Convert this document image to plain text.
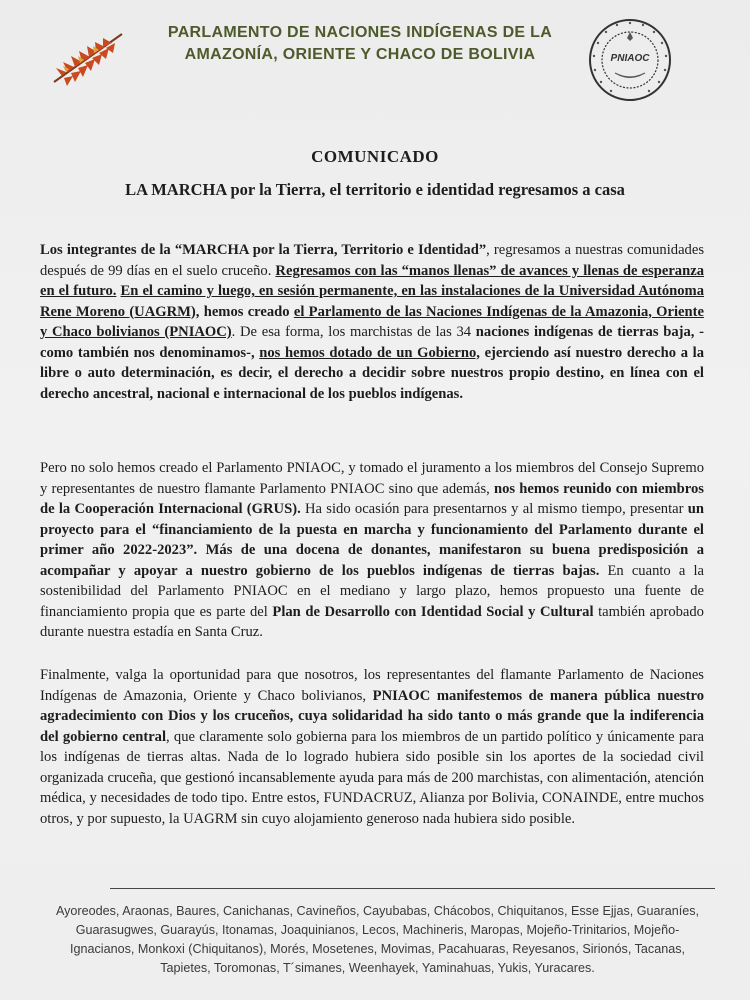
PARLAMENTO DE NACIONES INDÍGENAS DE LA
AMAZONÍA, ORIENTE Y CHACO DE BOLIVIA	PNIAOC
COMUNICADO
LA MARCHA por la Tierra, el territorio e identidad regresamos a casa
Los integrantes de la “MARCHA por la Tierra, Territorio e Identidad”, regresamos a nuestras comunidades después de 99 días en el suelo cruceño. Regresamos con las “manos llenas” de avances y llenas de esperanza en el futuro. En el camino y luego, en sesión permanente, en las instalaciones de la Universidad Autónoma Rene Moreno (UAGRM), hemos creado el Parlamento de las Naciones Indígenas de la Amazonia, Oriente y Chaco bolivianos (PNIAOC). De esa forma, los marchistas de las 34 naciones indígenas de tierras baja, -como también nos denominamos-, nos hemos dotado de un Gobierno, ejerciendo así nuestro derecho a la libre o auto determinación, es decir, el derecho a decidir sobre nuestros propio destino, en línea con el derecho ancestral, nacional e internacional de los pueblos indígenas.
Pero no solo hemos creado el Parlamento PNIAOC, y tomado el juramento a los miembros del Consejo Supremo y representantes de nuestro flamante Parlamento PNIAOC sino que además, nos hemos reunido con miembros de la Cooperación Internacional (GRUS). Ha sido ocasión para presentarnos y al mismo tiempo, presentar un proyecto para el “financiamiento de la puesta en marcha y funcionamiento del Parlamento durante el primer año 2022-2023”. Más de una docena de donantes, manifestaron su buena predisposición a acompañar y apoyar a nuestro gobierno de los pueblos indígenas de tierras bajas. En cuanto a la sostenibilidad del Parlamento PNIAOC en el mediano y largo plazo, hemos propuesto una fuente de financiamiento propia que es parte del Plan de Desarrollo con Identidad Social y Cultural también aprobado durante nuestra estadía en Santa Cruz.
Finalmente, valga la oportunidad para que nosotros, los representantes del flamante Parlamento de Naciones Indígenas de Amazonia, Oriente y Chaco bolivianos, PNIAOC manifestemos de manera pública nuestro agradecimiento con Dios y los cruceños, cuya solidaridad ha sido tanto o más grande que la indiferencia del gobierno central, que claramente solo gobierna para los miembros de un partido político y únicamente para los indígenas de tierras altas. Nada de lo logrado hubiera sido posible sin los aportes de la sociedad civil organizada cruceña, que gestionó incansablemente ayuda para más de 200 marchistas, con alimentación, atención médica, y necesidades de todo tipo. Entre estos, FUNDACRUZ, Alianza por Bolivia, CONAINDE, entre muchos otros, y por supuesto, la UAGRM sin cuyo alojamiento generoso nada hubiera sido posible.
Ayoreodes, Araonas, Baures, Canichanas, Cavineños, Cayubabas, Chácobos, Chiquitanos, Esse Ejjas, Guaraníes, Guarasugwes, Guarayús, Itonamas, Joaquinianos, Lecos, Machineris, Maropas, Mojeño-Trinitarios, Mojeño-Ignacianos, Monkoxi (Chiquitanos), Morés, Mosetenes, Movimas, Pacahuaras, Reyesanos, Sirionós, Tacanas, Tapietes, Toromonas, T´simanes, Weenhayek, Yaminahuas, Yukis, Yuracares.
